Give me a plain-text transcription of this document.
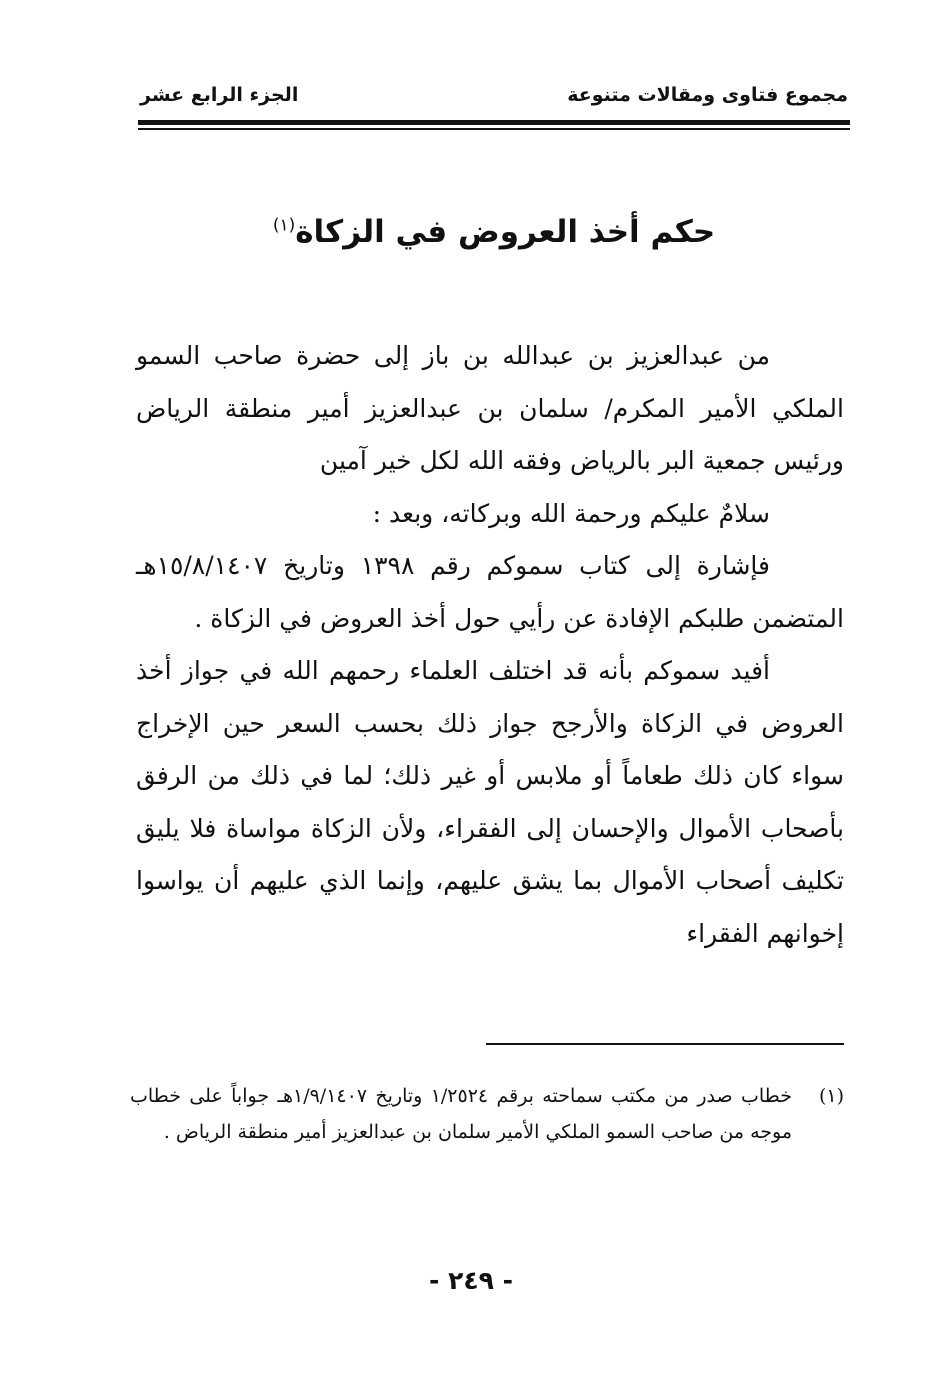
مجموع فتاوى ومقالات متنوعة
الجزء الرابع عشر
حكم أخذ العروض في الزكاة$^{(١)}$

من عبدالعزيز بن عبدالله بن باز إلى حضرة صاحب السمو الملكي الأمير المكرم/ سلمان بن عبدالعزيز أمير منطقة الرياض ورئيس جمعية البر بالرياض وفقه الله لكل خير آمين

سلامٌ عليكم ورحمة الله وبركاته، وبعد :

فإشارة إلى كتاب سموكم رقم ١٣٩٨ وتاريخ ١٥/٨/١٤٠٧هـ المتضمن طلبكم الإفادة عن رأيي حول أخذ العروض في الزكاة .

أفيد سموكم بأنه قد اختلف العلماء رحمهم الله في جواز أخذ العروض في الزكاة والأرجح جواز ذلك بحسب السعر حين الإخراج سواء كان ذلك طعاماً أو ملابس أو غير ذلك؛ لما في ذلك من الرفق بأصحاب الأموال والإحسان إلى الفقراء، ولأن الزكاة مواساة فلا يليق تكليف أصحاب الأموال بما يشق عليهم، وإنما الذي عليهم أن يواسوا إخوانهم الفقراء

(١)
خطاب صدر من مكتب سماحته برقم ١/٢٥٢٤ وتاريخ ١/٩/١٤٠٧هـ جواباً على خطاب موجه من صاحب السمو الملكي الأمير سلمان بن عبدالعزيز أمير منطقة الرياض .
- ٢٤٩ -
